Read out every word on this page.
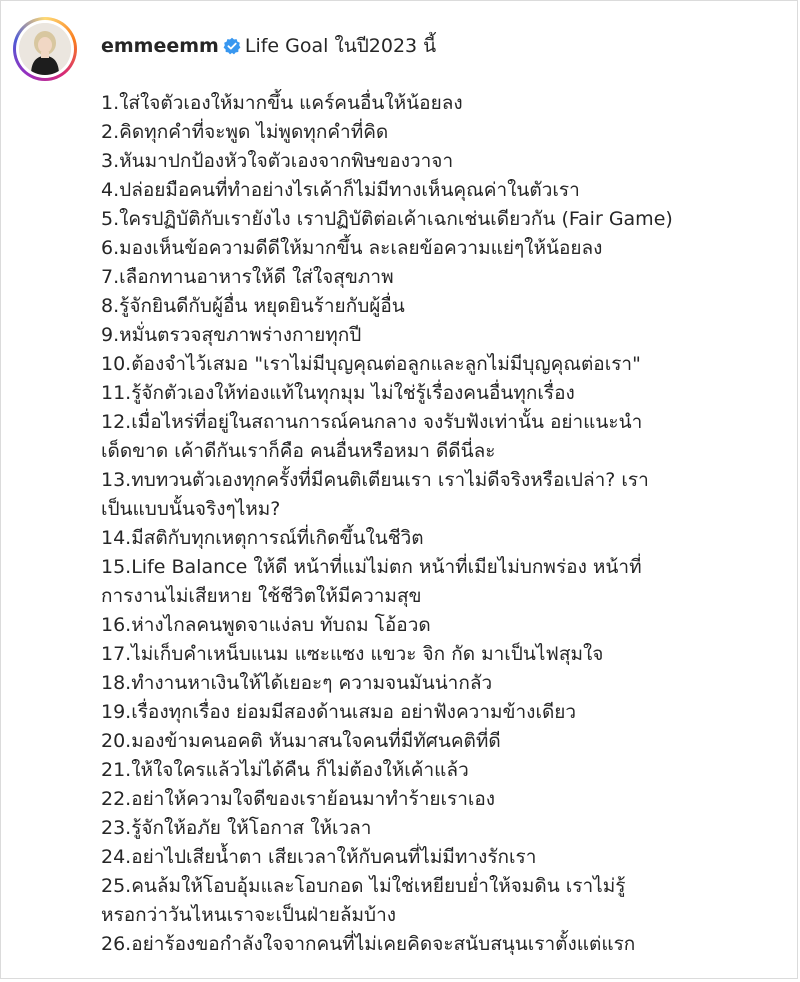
emmeemm Life Goal ในปี2023 นี้
1.ใส่ใจตัวเองให้มากขึ้น แคร์คนอื่นให้น้อยลง
2.คิดทุกคำที่จะพูด ไม่พูดทุกคำที่คิด
3.หันมาปกป้องหัวใจตัวเองจากพิษของวาจา
4.ปล่อยมือคนที่ทำอย่างไรเค้าก็ไม่มีทางเห็นคุณค่าในตัวเรา
5.ใครปฏิบัติกับเรายังไง เราปฏิบัติต่อเค้าเฉกเช่นเดียวกัน (Fair Game)
6.มองเห็นข้อความดีดีให้มากขึ้น ละเลยข้อความแย่ๆให้น้อยลง
7.เลือกทานอาหารให้ดี ใส่ใจสุขภาพ
8.รู้จักยินดีกับผู้อื่น หยุดยินร้ายกับผู้อื่น
9.หมั่นตรวจสุขภาพร่างกายทุกปี
10.ต้องจำไว้เสมอ "เราไม่มีบุญคุณต่อลูกและลูกไม่มีบุญคุณต่อเรา"
11.รู้จักตัวเองให้ท่องแท้ในทุกมุม ไม่ใช่รู้เรื่องคนอื่นทุกเรื่อง
12.เมื่อไหร่ที่อยู่ในสถานการณ์คนกลาง จงรับฟังเท่านั้น อย่าแนะนำ
เด็ดขาด เค้าดีกันเราก็คือ คนอื่นหรือหมา ดีดีนี่ละ
13.ทบทวนตัวเองทุกครั้งที่มีคนติเตียนเรา เราไม่ดีจริงหรือเปล่า? เรา
เป็นแบบนั้นจริงๆไหม?
14.มีสติกับทุกเหตุการณ์ที่เกิดขึ้นในชีวิต
15.Life Balance ให้ดี หน้าที่แม่ไม่ตก หน้าที่เมียไม่บกพร่อง หน้าที่
การงานไม่เสียหาย ใช้ชีวิตให้มีความสุข
16.ห่างไกลคนพูดจาแง่ลบ ทับถม โอ้อวด
17.ไม่เก็บคำเหน็บแนม แซะแซง แขวะ จิก กัด มาเป็นไฟสุมใจ
18.ทำงานหาเงินให้ได้เยอะๆ ความจนมันน่ากลัว
19.เรื่องทุกเรื่อง ย่อมมีสองด้านเสมอ อย่าฟังความข้างเดียว
20.มองข้ามคนอคติ หันมาสนใจคนที่มีทัศนคติที่ดี
21.ให้ใจใครแล้วไม่ได้คืน ก็ไม่ต้องให้เค้าแล้ว
22.อย่าให้ความใจดีของเราย้อนมาทำร้ายเราเอง
23.รู้จักให้อภัย ให้โอกาส ให้เวลา
24.อย่าไปเสียน้ำตา เสียเวลาให้กับคนที่ไม่มีทางรักเรา
25.คนล้มให้โอบอุ้มและโอบกอด ไม่ใช่เหยียบย่ำให้จมดิน เราไม่รู้
หรอกว่าวันไหนเราจะเป็นฝ่ายล้มบ้าง
26.อย่าร้องขอกำลังใจจากคนที่ไม่เคยคิดจะสนับสนุนเราตั้งแต่แรก
